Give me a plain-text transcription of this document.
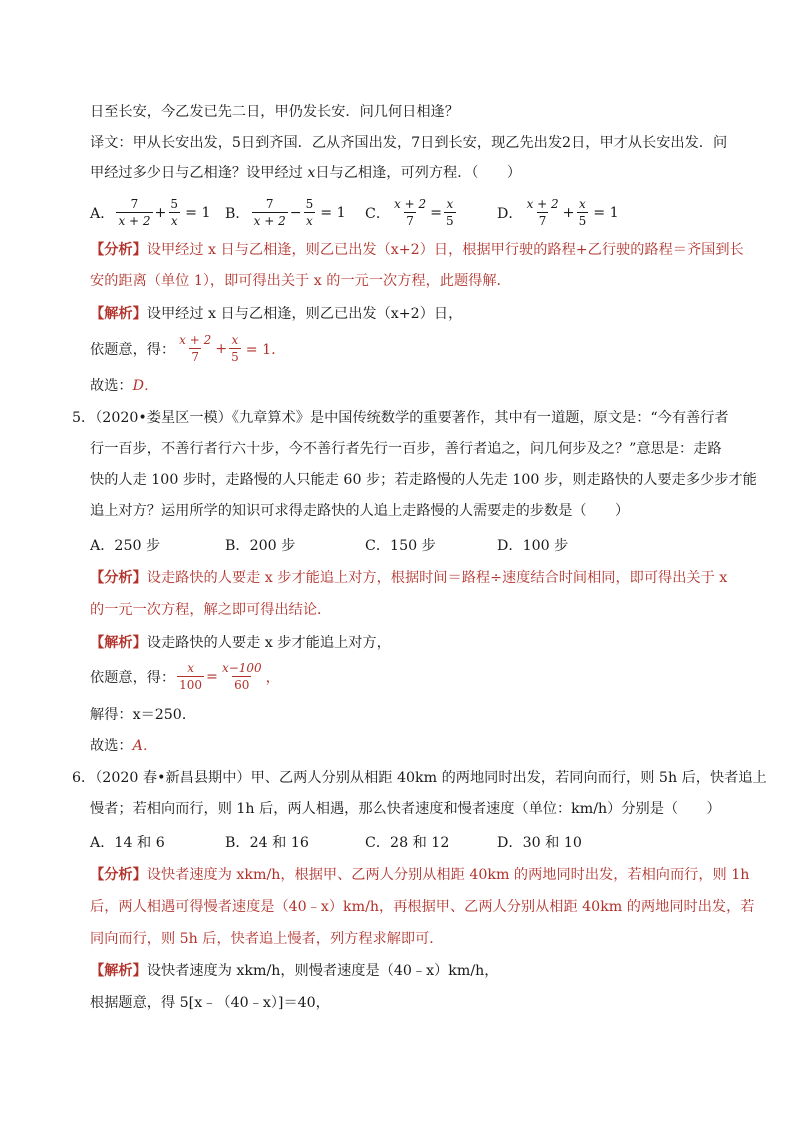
日至长安，今乙发已先二日，甲仍发长安．问几何日相逢？
译文：甲从长安出发，5日到齐国．乙从齐国出发，7日到长安，现乙先出发2日，甲才从长安出发．问
甲经过多少日与乙相逢？设甲经过 x日与乙相逢，可列方程．（　　）
A． $\frac{7}{x + 2} + \frac{5}{x} = 1$ B． $\frac{7}{x + 2} - \frac{5}{x} = 1$ C． $\frac{x + 2}{7} = \frac{x}{5}$	D． $\frac{x + 2}{7} + \frac{x}{5} = 1$
【分析】设甲经过 x 日与乙相逢，则乙已出发（x+2）日，根据甲行驶的路程+乙行驶的路程＝齐国到长
安的距离（单位 1），即可得出关于 x 的一元一次方程，此题得解．
【解析】设甲经过 x 日与乙相逢，则乙已出发（x+2）日，
依题意，得： $\frac{x + 2}{7} + \frac{x}{5} = 1$．
故选：D．
5．（2020•娄星区一模）《九章算术》是中国传统数学的重要著作，其中有一道题，原文是：“今有善行者
行一百步，不善行者行六十步，今不善行者先行一百步，善行者追之，问几何步及之？”意思是：走路
快的人走 100 步时，走路慢的人只能走 60 步；若走路慢的人先走 100 步，则走路快的人要走多少步才能
追上对方？运用所学的知识可求得走路快的人追上走路慢的人需要走的步数是（　　）
A．250 步	B．200 步	C．150 步	D．100 步
【分析】设走路快的人要走 x 步才能追上对方，根据时间＝路程÷速度结合时间相同，即可得出关于 x
的一元一次方程，解之即可得出结论．
【解析】设走路快的人要走 x 步才能追上对方，
依题意，得： $\frac{x}{100} = \frac{x-100}{60}$ ，
解得：x＝250．
故选：A．
6．（2020 春•新昌县期中）甲、乙两人分别从相距 40km 的两地同时出发，若同向而行，则 5h 后，快者追上
慢者；若相向而行，则 1h 后，两人相遇，那么快者速度和慢者速度（单位：km/h）分别是（　　）
A．14 和 6	B．24 和 16	C．28 和 12	D．30 和 10
【分析】设快者速度为 xkm/h，根据甲、乙两人分别从相距 40km 的两地同时出发，若相向而行，则 1h
后，两人相遇可得慢者速度是（40﹣x）km/h，再根据甲、乙两人分别从相距 40km 的两地同时出发，若
同向而行，则 5h 后，快者追上慢者，列方程求解即可．
【解析】设快者速度为 xkm/h，则慢者速度是（40﹣x）km/h，
根据题意，得 5[x﹣（40﹣x）]＝40，
